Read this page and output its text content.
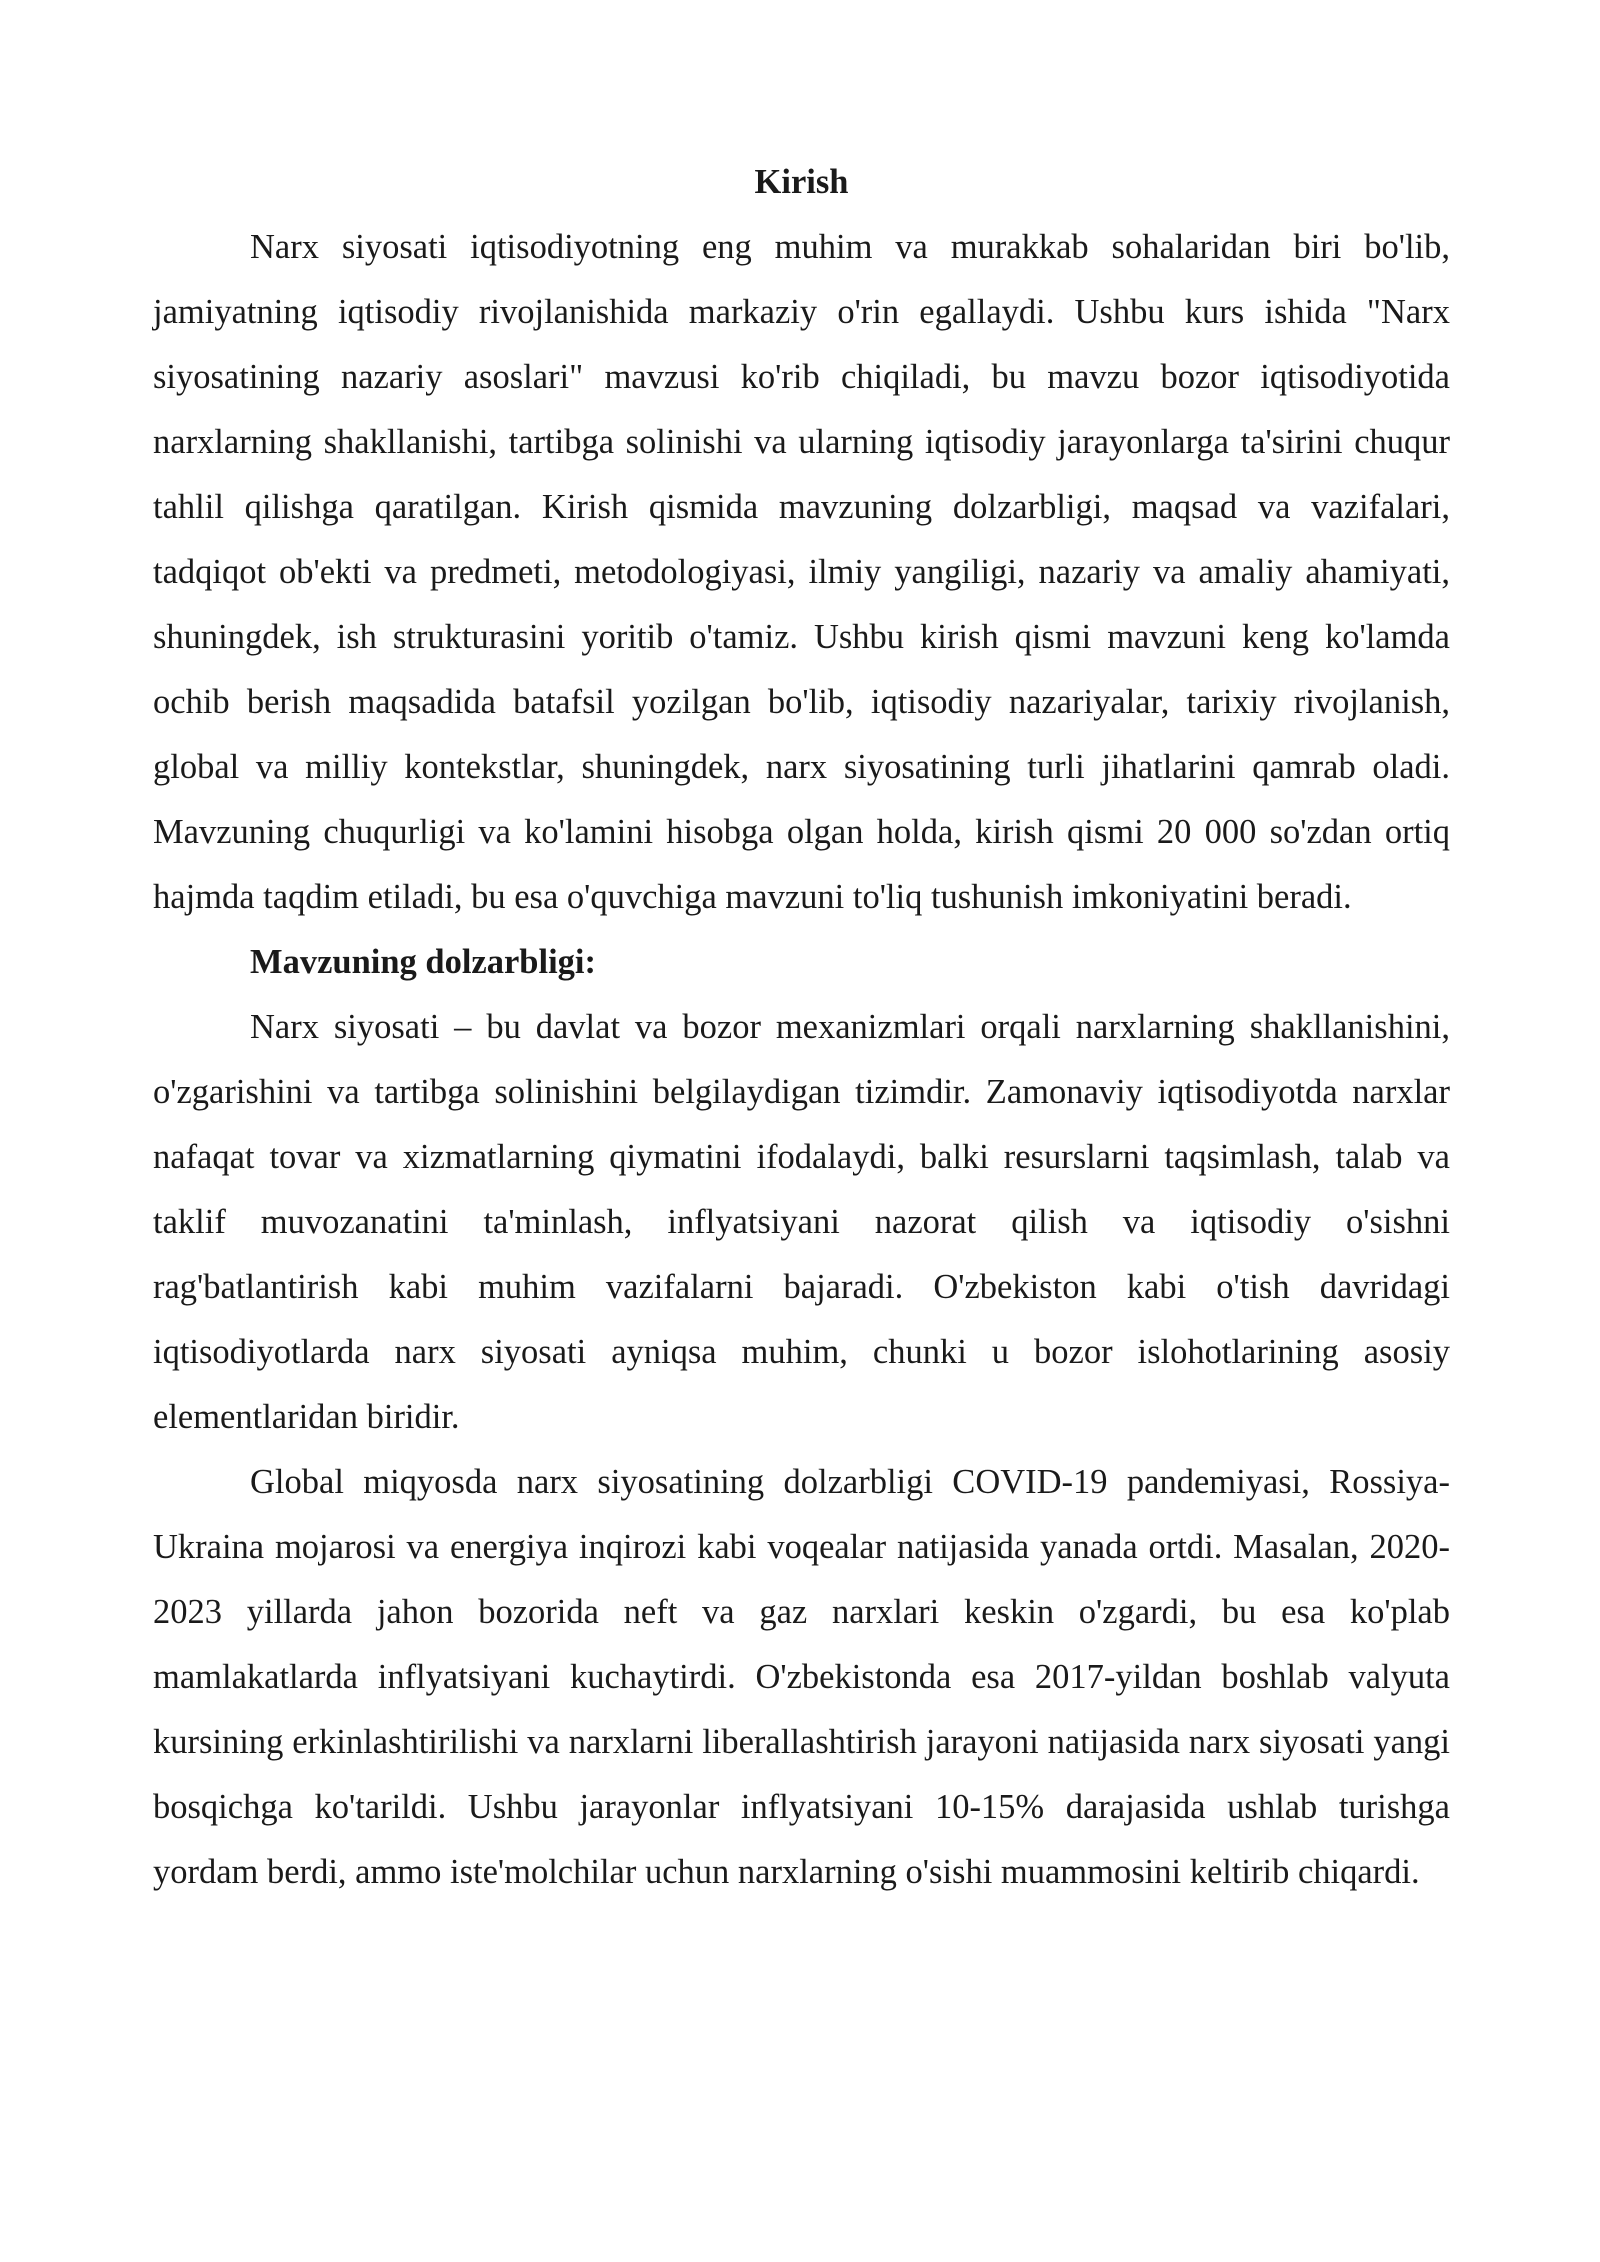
Kirish

Narx siyosati iqtisodiyotning eng muhim va murakkab sohalaridan biri bo'lib, jamiyatning iqtisodiy rivojlanishida markaziy o'rin egallaydi. Ushbu kurs ishida "Narx siyosatining nazariy asoslari" mavzusi ko'rib chiqiladi, bu mavzu bozor iqtisodiyotida narxlarning shakllanishi, tartibga solinishi va ularning iqtisodiy jarayonlarga ta'sirini chuqur tahlil qilishga qaratilgan. Kirish qismida mavzuning dolzarbligi, maqsad va vazifalari, tadqiqot ob'ekti va predmeti, metodologiyasi, ilmiy yangiligi, nazariy va amaliy ahamiyati, shuningdek, ish strukturasini yoritib o'tamiz. Ushbu kirish qismi mavzuni keng ko'lamda ochib berish maqsadida batafsil yozilgan bo'lib, iqtisodiy nazariyalar, tarixiy rivojlanish, global va milliy kontekstlar, shuningdek, narx siyosatining turli jihatlarini qamrab oladi. Mavzuning chuqurligi va ko'lamini hisobga olgan holda, kirish qismi 20 000 so'zdan ortiq hajmda taqdim etiladi, bu esa o'quvchiga mavzuni to'liq tushunish imkoniyatini beradi.

Mavzuning dolzarbligi:

Narx siyosati – bu davlat va bozor mexanizmlari orqali narxlarning shakllanishini, o'zgarishini va tartibga solinishini belgilaydigan tizimdir. Zamonaviy iqtisodiyotda narxlar nafaqat tovar va xizmatlarning qiymatini ifodalaydi, balki resurslarni taqsimlash, talab va taklif muvozanatini ta'minlash, inflyatsiyani nazorat qilish va iqtisodiy o'sishni rag'batlantirish kabi muhim vazifalarni bajaradi. O'zbekiston kabi o'tish davridagi iqtisodiyotlarda narx siyosati ayniqsa muhim, chunki u bozor islohotlarining asosiy elementlaridan biridir.

Global miqyosda narx siyosatining dolzarbligi COVID-19 pandemiyasi, Rossiya-Ukraina mojarosi va energiya inqirozi kabi voqealar natijasida yanada ortdi. Masalan, 2020-2023 yillarda jahon bozorida neft va gaz narxlari keskin o'zgardi, bu esa ko'plab mamlakatlarda inflyatsiyani kuchaytirdi. O'zbekistonda esa 2017-yildan boshlab valyuta kursining erkinlashtirilishi va narxlarni liberallashtirish jarayoni natijasida narx siyosati yangi bosqichga ko'tarildi. Ushbu jarayonlar inflyatsiyani 10-15% darajasida ushlab turishga yordam berdi, ammo iste'molchilar uchun narxlarning o'sishi muammosini keltirib chiqardi.
